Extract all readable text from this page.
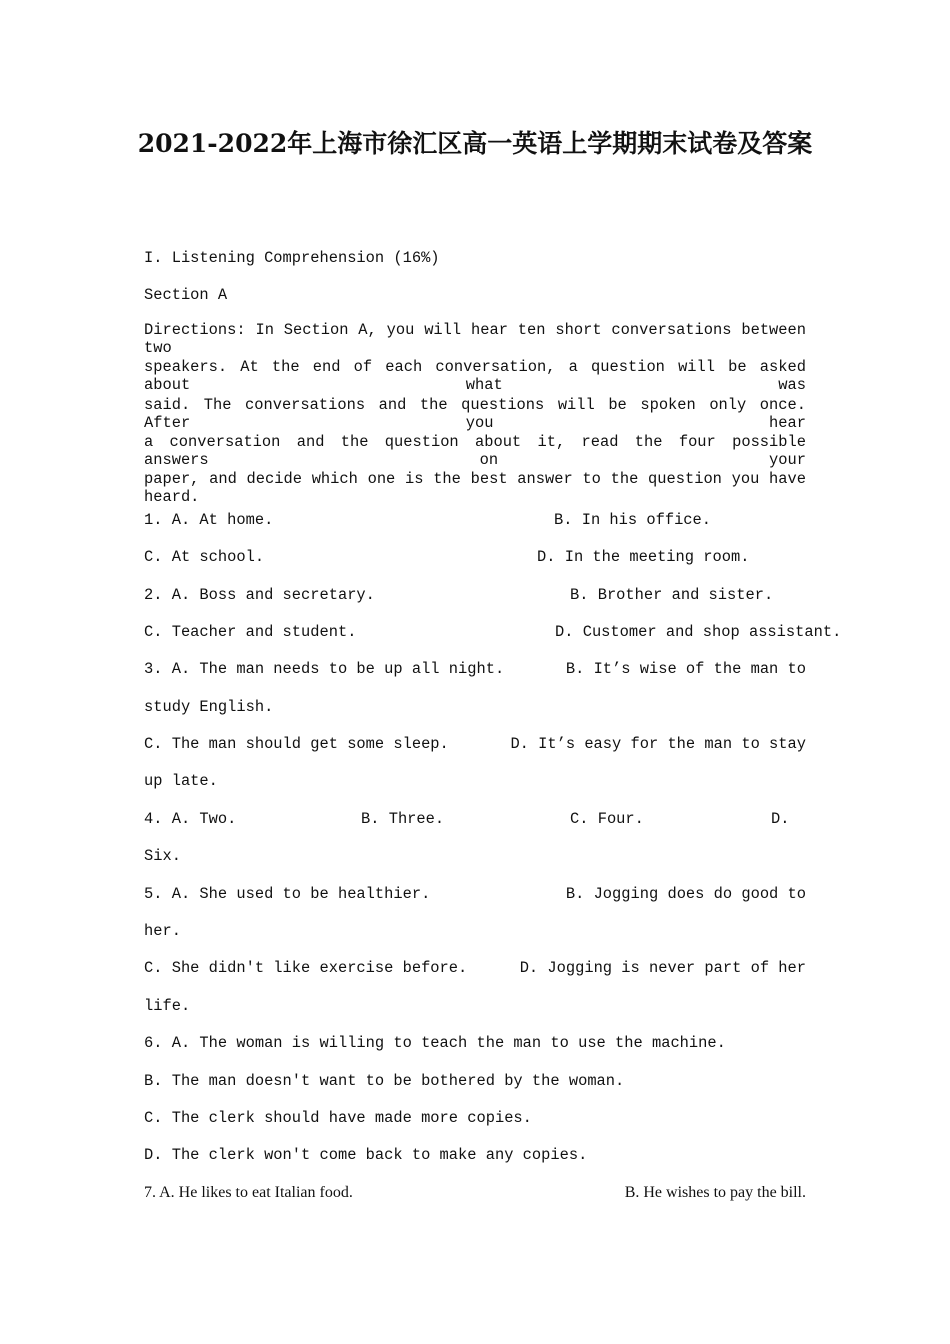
2021-2022年上海市徐汇区高一英语上学期期末试卷及答案
I. Listening Comprehension (16%)
Section A
Directions: In Section A, you will hear ten short conversations between two
speakers. At the end of each conversation, a question will be asked about what was
said. The conversations and the questions will be spoken only once. After you hear
a conversation and the question about it, read the four possible answers on your
paper, and decide which one is the best answer to the question you have heard.
1. A. At home.	B. In his office.
C. At school.	D. In the meeting room.
2. A. Boss and secretary.	B. Brother and sister.
C. Teacher and student.	D. Customer and shop assistant.
3. A. The man needs to be up all night.	B. It’s wise of the man to
study English.
C. The man should get some sleep.	D. It’s easy for the man to stay
up late.
4. A. Two.	B. Three.	C. Four.	D.
Six.
5. A. She used to be healthier.	B. Jogging does do good to
her.
C. She didn't like exercise before.	D. Jogging is never part of her
life.
6. A. The woman is willing to teach the man to use the machine.
B. The man doesn't want to be bothered by the woman.
C. The clerk should have made more copies.
D. The clerk won't come back to make any copies.
7. A. He likes to eat Italian food.	B. He wishes to pay the bill.
